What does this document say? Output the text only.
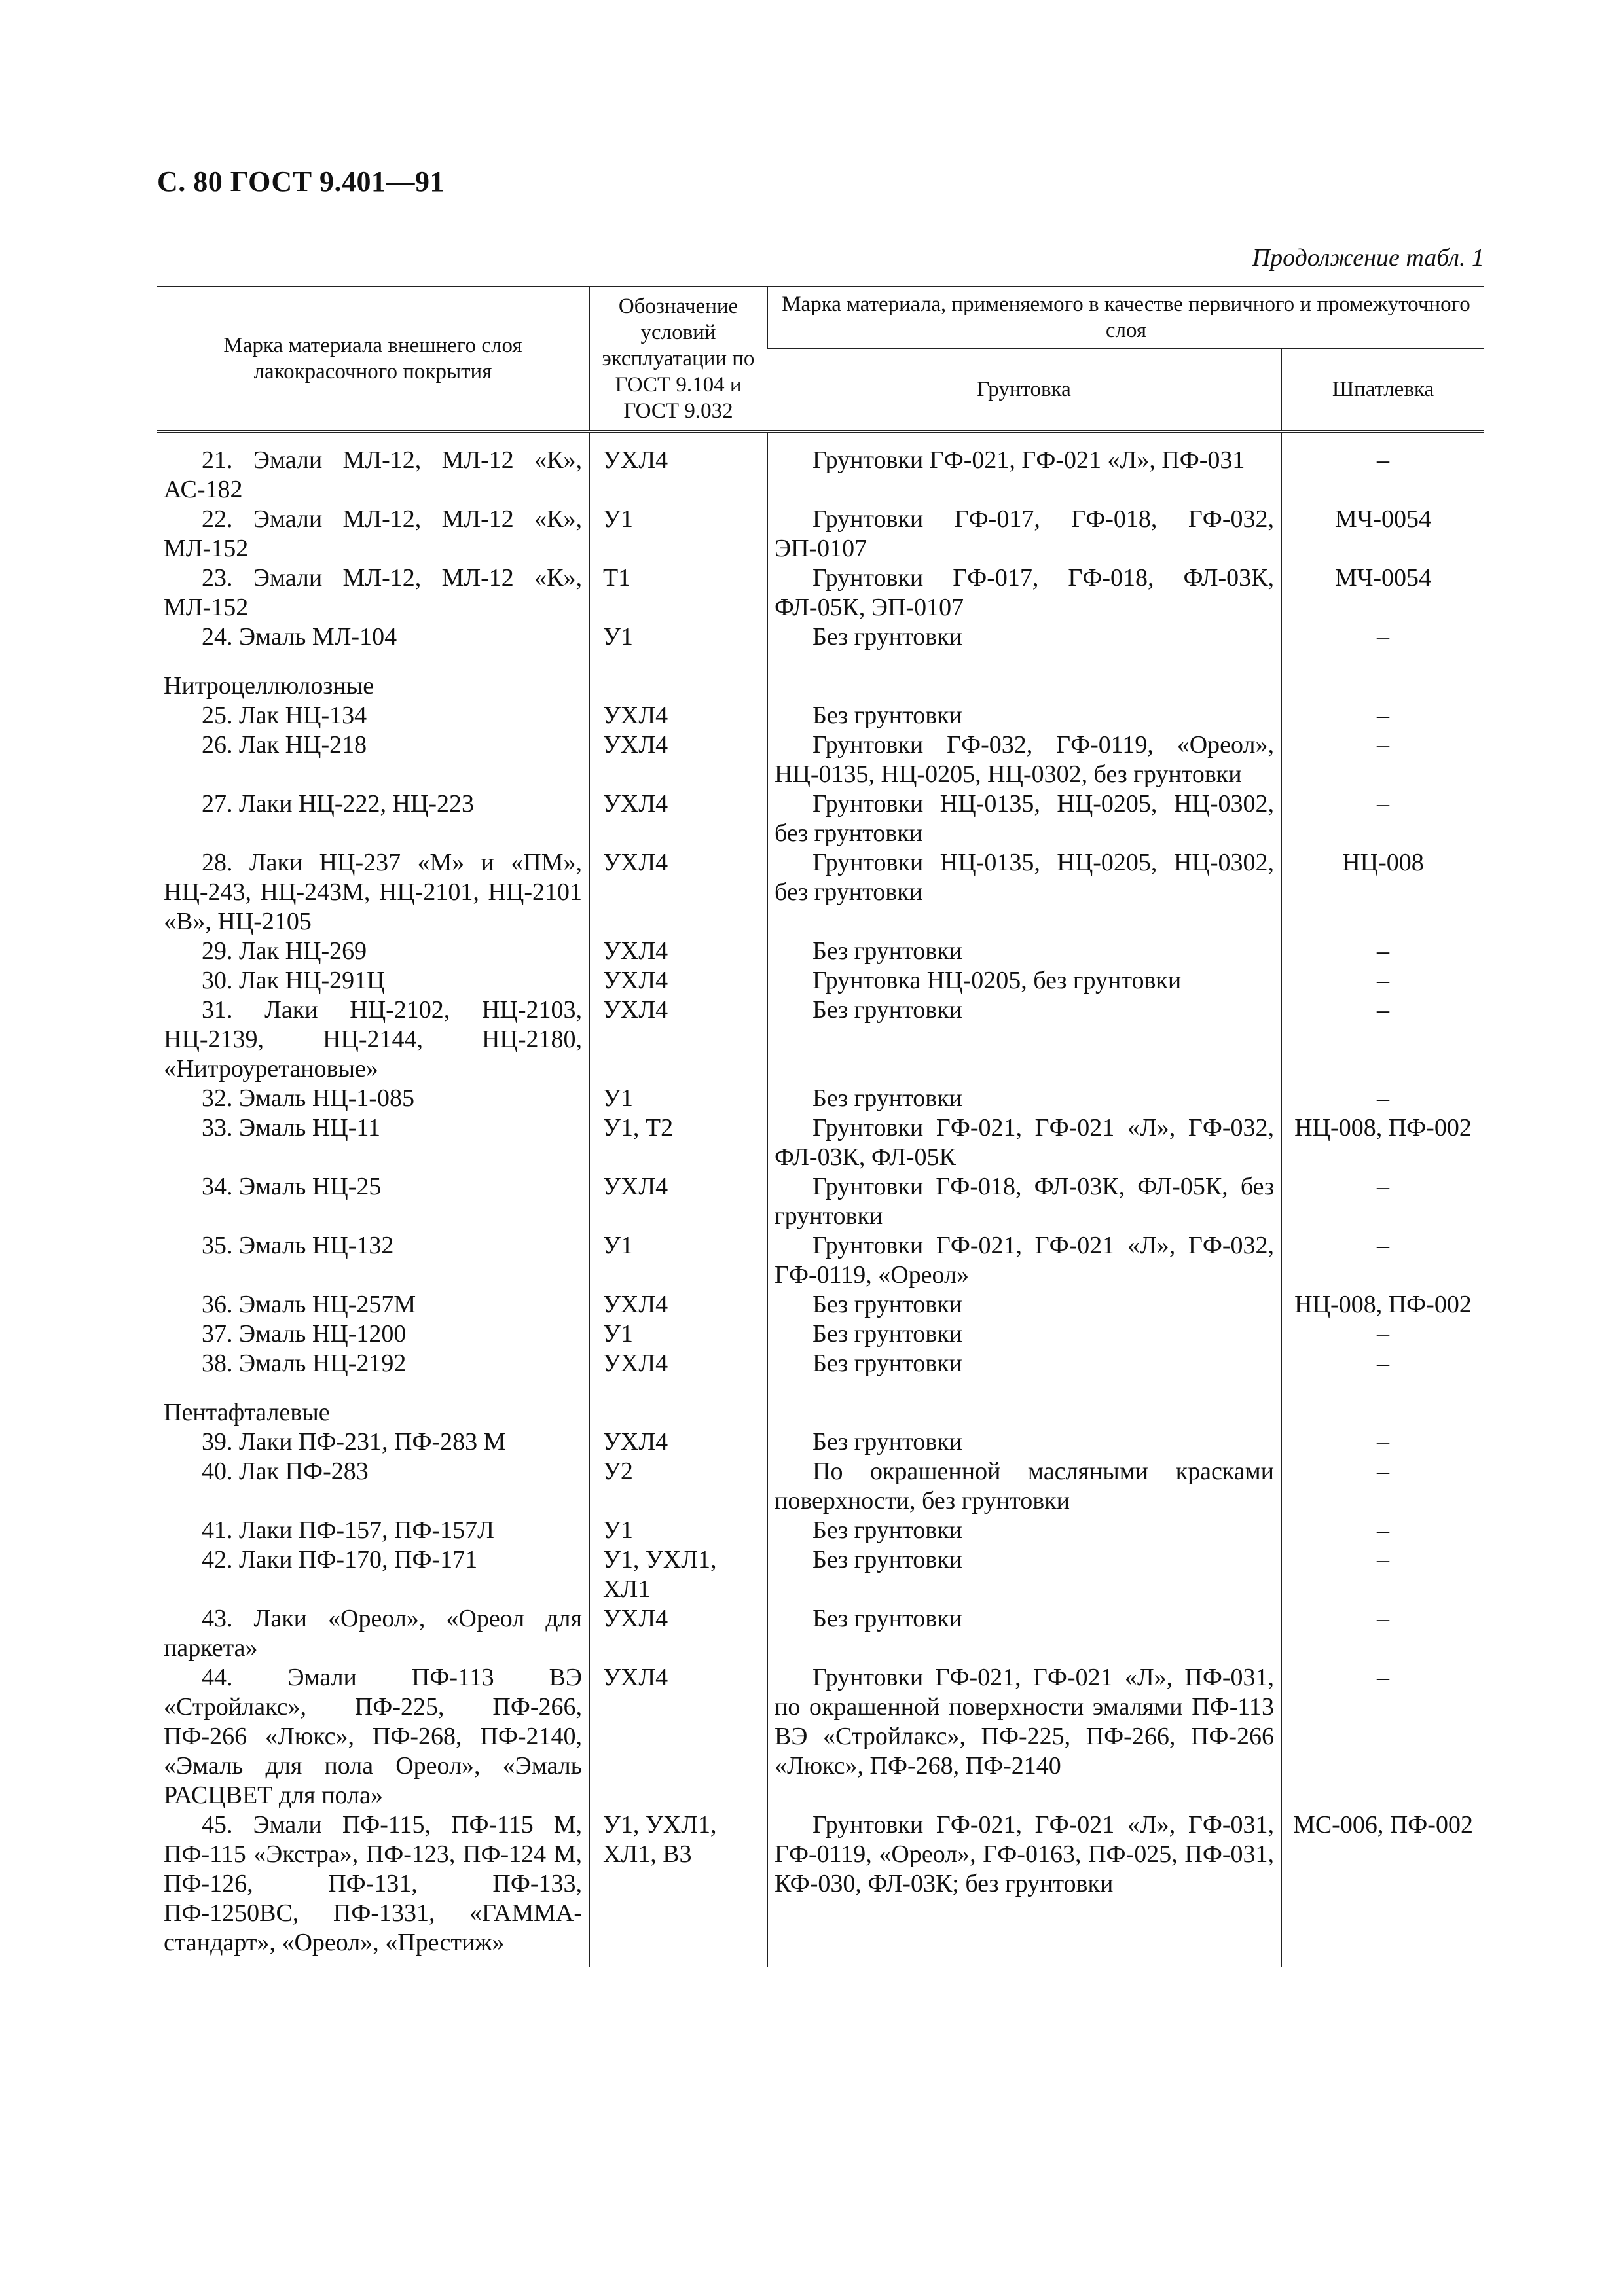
С. 80 ГОСТ 9.401—91
Продолжение табл. 1
Марка материала внешнего слоя лакокрасочного покрытия	Обозначение условий эксплуатации по ГОСТ 9.104 и ГОСТ 9.032	Марка материала, применяемого в качестве первичного и промежуточного слоя	
		Грунтовка	Шпатлевка
21. Эмали МЛ-12, МЛ-12 «К», АС-182	УХЛ4	Грунтовки ГФ-021, ГФ-021 «Л», ПФ-031	–
22. Эмали МЛ-12, МЛ-12 «К», МЛ-152	У1	Грунтовки ГФ-017, ГФ-018, ГФ-032, ЭП-0107	МЧ-0054
23. Эмали МЛ-12, МЛ-12 «К», МЛ-152	Т1	Грунтовки ГФ-017, ГФ-018, ФЛ-03К, ФЛ-05К, ЭП-0107	МЧ-0054
24. Эмаль МЛ-104	У1	Без грунтовки	–
Нитроцеллюлозные			
25. Лак НЦ-134	УХЛ4	Без грунтовки	–
26. Лак НЦ-218	УХЛ4	Грунтовки ГФ-032, ГФ-0119, «Ореол», НЦ-0135, НЦ-0205, НЦ-0302, без грунтовки	–
27. Лаки НЦ-222, НЦ-223	УХЛ4	Грунтовки НЦ-0135, НЦ-0205, НЦ-0302, без грунтовки	–
28. Лаки НЦ-237 «М» и «ПМ», НЦ-243, НЦ-243М, НЦ-2101, НЦ-2101 «В», НЦ-2105	УХЛ4	Грунтовки НЦ-0135, НЦ-0205, НЦ-0302, без грунтовки	НЦ-008
29. Лак НЦ-269	УХЛ4	Без грунтовки	–
30. Лак НЦ-291Ц	УХЛ4	Грунтовка НЦ-0205, без грунтовки	–
31. Лаки НЦ-2102, НЦ-2103, НЦ-2139, НЦ-2144, НЦ-2180, «Нитроуретановые»	УХЛ4	Без грунтовки	–
32. Эмаль НЦ-1-085	У1	Без грунтовки	–
33. Эмаль НЦ-11	У1, Т2	Грунтовки ГФ-021, ГФ-021 «Л», ГФ-032, ФЛ-03К, ФЛ-05К	НЦ-008, ПФ-002
34. Эмаль НЦ-25	УХЛ4	Грунтовки ГФ-018, ФЛ-03К, ФЛ-05К, без грунтовки	–
35. Эмаль НЦ-132	У1	Грунтовки ГФ-021, ГФ-021 «Л», ГФ-032, ГФ-0119, «Ореол»	–
36. Эмаль НЦ-257М	УХЛ4	Без грунтовки	НЦ-008, ПФ-002
37. Эмаль НЦ-1200	У1	Без грунтовки	–
38. Эмаль НЦ-2192	УХЛ4	Без грунтовки	–
Пентафталевые			
39. Лаки ПФ-231, ПФ-283 М	УХЛ4	Без грунтовки	–
40. Лак ПФ-283	У2	По окрашенной масляными красками поверхности, без грунтовки	–
41. Лаки ПФ-157, ПФ-157Л	У1	Без грунтовки	–
42. Лаки ПФ-170, ПФ-171	У1, УХЛ1, ХЛ1	Без грунтовки	–
43. Лаки «Ореол», «Ореол для паркета»	УХЛ4	Без грунтовки	–
44. Эмали ПФ-113 ВЭ «Стройлакс», ПФ-225, ПФ-266, ПФ-266 «Люкс», ПФ-268, ПФ-2140, «Эмаль для пола Ореол», «Эмаль РАСЦВЕТ для пола»	УХЛ4	Грунтовки ГФ-021, ГФ-021 «Л», ПФ-031, по окрашенной поверхности эмалями ПФ-113 ВЭ «Стройлакс», ПФ-225, ПФ-266, ПФ-266 «Люкс», ПФ-268, ПФ-2140	–
45. Эмали ПФ-115, ПФ-115 М, ПФ-115 «Экстра», ПФ-123, ПФ-124 М, ПФ-126, ПФ-131, ПФ-133, ПФ-1250ВС, ПФ-1331, «ГАММА-стандарт», «Ореол», «Престиж»	У1, УХЛ1, ХЛ1, В3	Грунтовки ГФ-021, ГФ-021 «Л», ГФ-031, ГФ-0119, «Ореол», ГФ-0163, ПФ-025, ПФ-031, КФ-030, ФЛ-03К; без грунтовки	МС-006, ПФ-002
